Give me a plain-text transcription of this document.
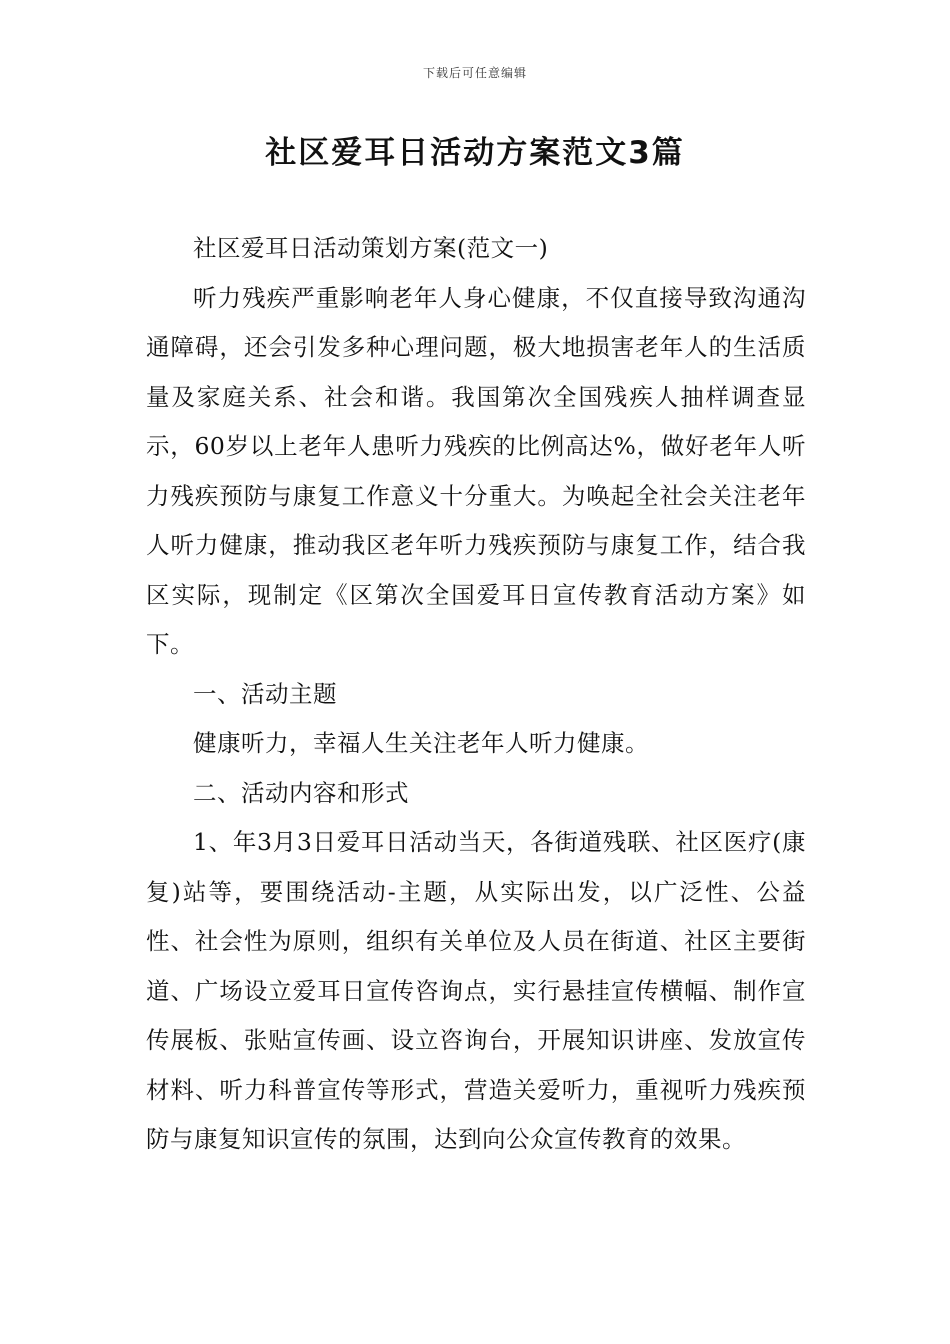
下载后可任意编辑
社区爱耳日活动方案范文3篇

社区爱耳日活动策划方案(范文一)

听力残疾严重影响老年人身心健康，不仅直接导致沟通沟通障碍，还会引发多种心理问题，极大地损害老年人的生活质量及家庭关系、社会和谐。我国第次全国残疾人抽样调查显示，60岁以上老年人患听力残疾的比例高达%，做好老年人听力残疾预防与康复工作意义十分重大。为唤起全社会关注老年人听力健康，推动我区老年听力残疾预防与康复工作，结合我区实际，现制定《区第次全国爱耳日宣传教育活动方案》如下。

一、活动主题

健康听力，幸福人生关注老年人听力健康。

二、活动内容和形式

1、年3月3日爱耳日活动当天，各街道残联、社区医疗(康复)站等，要围绕活动-主题，从实际出发，以广泛性、公益性、社会性为原则，组织有关单位及人员在街道、社区主要街道、广场设立爱耳日宣传咨询点，实行悬挂宣传横幅、制作宣传展板、张贴宣传画、设立咨询台，开展知识讲座、发放宣传材料、听力科普宣传等形式，营造关爱听力，重视听力残疾预防与康复知识宣传的氛围，达到向公众宣传教育的效果。
